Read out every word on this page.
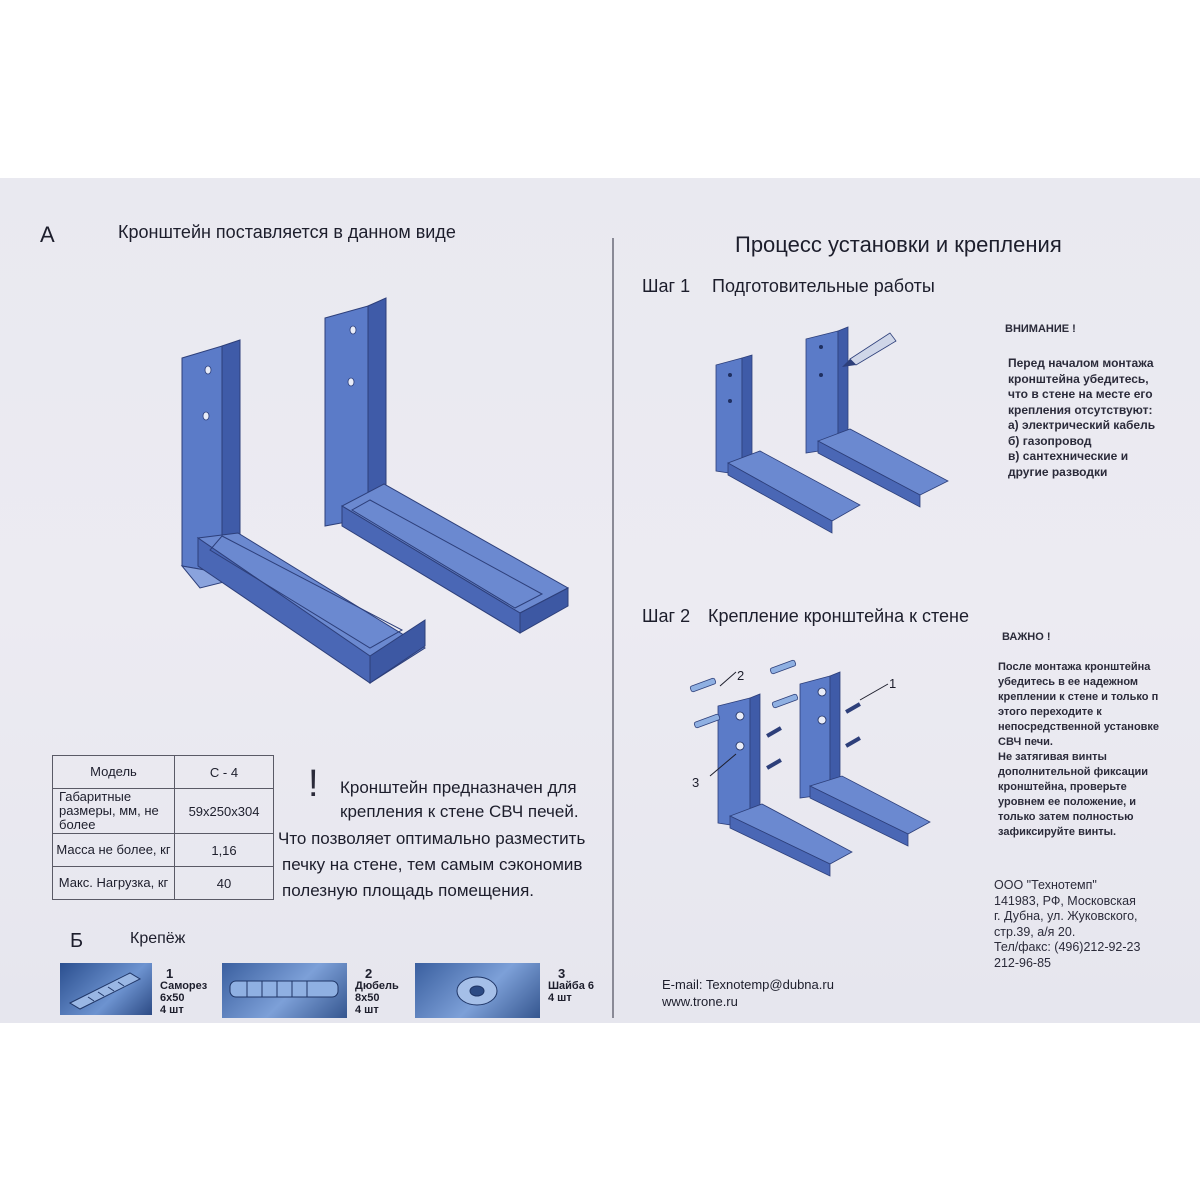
А	Кронштейн поставляется в данном виде
Модель	С - 4
Габаритные размеры, мм, не более	59x250x304
Масса не более, кг	1,16
Макс. Нагрузка, кг	40
! Кронштейн предназначен для
крепления к стене СВЧ печей.
Что позволяет оптимально разместить
печку на стене, тем самым сэкономив
полезную площадь помещения.
Б	Крепёж
1
Саморез
6x50
4 шт
2
Дюбель
8x50
4 шт
3
Шайба 6
4 шт
Процесс установки и крепления
Шаг 1 Подготовительные работы
ВНИМАНИЕ !
Перед началом монтажа
кронштейна убедитесь,
что в стене на месте его
крепления отсутствуют:
а) электрический кабель
б) газопровод
в) сантехнические и
другие разводки
Шаг 2 Крепление кронштейна к стене
1
2
3
ВАЖНО !
После монтажа кронштейна
убедитесь в ее надежном
креплении к стене и только п
этого переходите к
непосредственной установке
СВЧ печи.
Не затягивая винты
дополнительной фиксации
кронштейна, проверьте
уровнем ее положение, и
только затем полностью
зафиксируйте винты.
ООО "Технотемп"
141983, РФ, Московская
г. Дубна, ул. Жуковского,
стр.39, а/я 20.
Тел/факс: (496)212-92-23
212-96-85
E-mail: Texnotemp@dubna.ru
www.trone.ru
